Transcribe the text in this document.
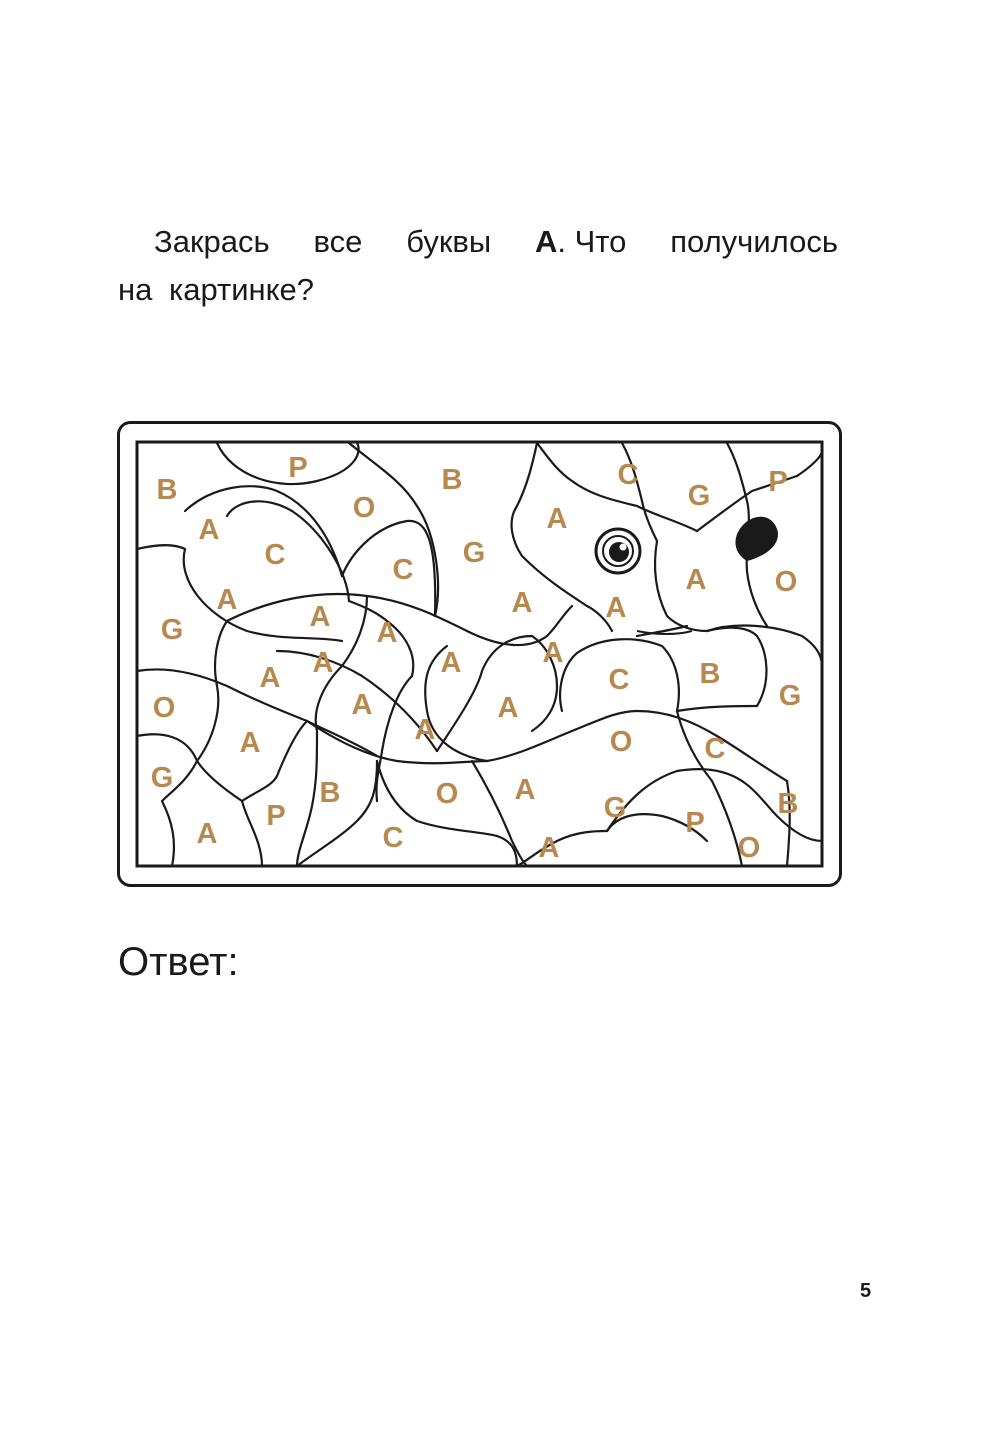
Закрась все буквы А. Что получилось
на картинке?

B
P
O
B	C
G P
A
C
A
C
G
A O
A
G	A A
A	A
A	A	A
A	C B
G
O	A	A
A	O
A	C
G	B	O A
G	B
A
P
C	A
P
O

Ответ:

5
